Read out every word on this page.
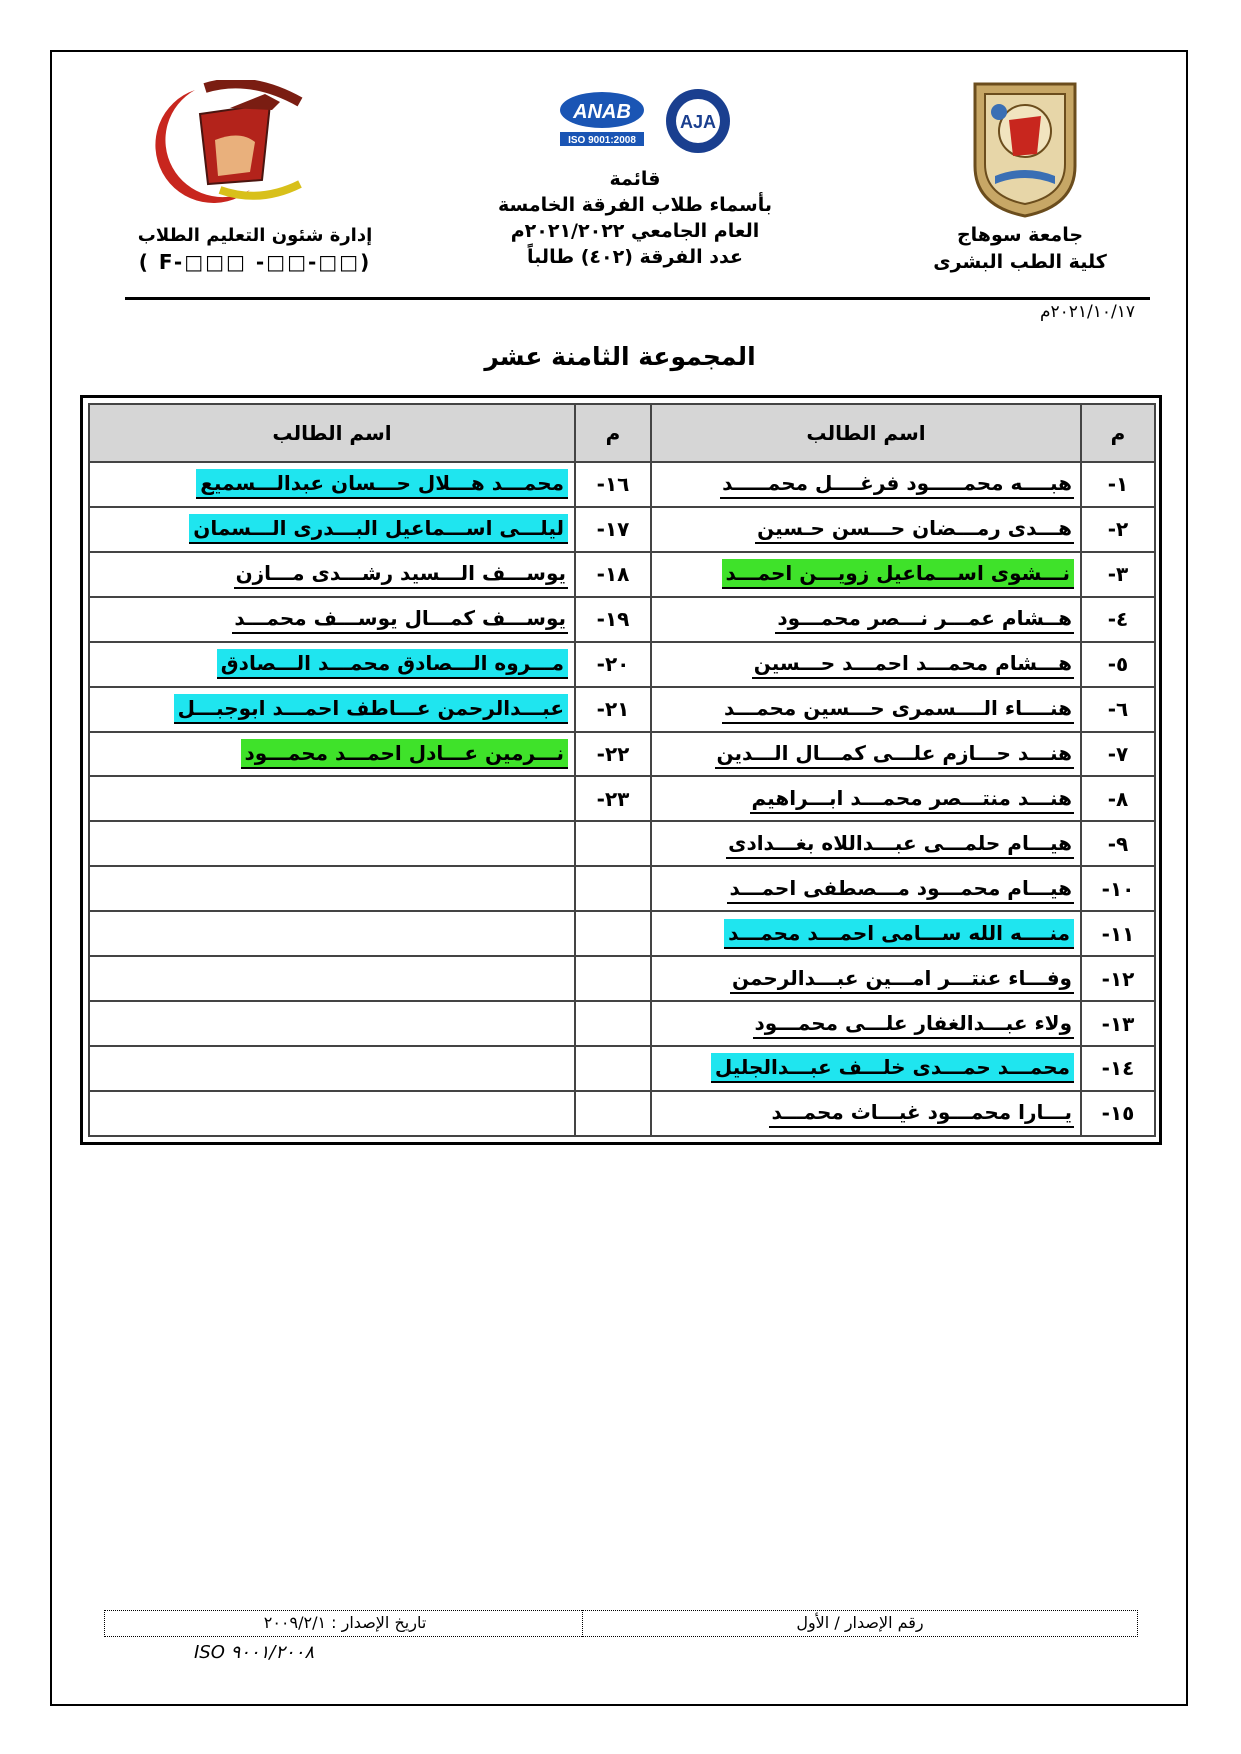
جامعة سوهاج
كلية الطب البشرى
ANAB
ISO 9001:2008
AJA
قائمة
بأسماء طلاب الفرقة الخامسة
العام الجامعي ٢٠٢١/٢٠٢٢م
عدد الفرقة (٤٠٢) طالباً
إدارة شئون التعليم الطلاب
( F-□□□ -□□-□□)
٢٠٢١/١٠/١٧م
المجموعة الثامنة عشر
م	اسم الطالب	م	اسم الطالب
١-	هبــــه محمـــــود فرغــــل محمـــــد	١٦-	محمـــد هـــلال حـــسان عبدالـــسميع
٢-	هـــدى رمـــضان حـــسن حـسين	١٧-	ليلـــى اســـماعيل البـــدرى الـــسمان
٣-	نـــشوى اســـماعيل زويـــن احمـــد	١٨-	يوســـف الـــسيد رشـــدى مـــازن
٤-	هــشام عمـــر نـــصر محمـــود	١٩-	يوســـف كمـــال يوســـف محمـــد
٥-	هـــشام محمـــد احمـــد حـــسين	٢٠-	مـــروه الـــصادق محمـــد الـــصادق
٦-	هنــــاء الــــسمرى حـــسين محمـــد	٢١-	عبـــدالرحمن عـــاطف احمـــد ابوجبـــل
٧-	هنـــد حـــازم علـــى كمـــال الـــدين	٢٢-	نـــرمين عـــادل احمـــد محمـــود
٨-	هنـــد منتـــصر محمـــد ابـــراهيم	٢٣-	
٩-	هيـــام حلمـــى عبـــداللاه بغـــدادى		
١٠-	هيـــام محمـــود مـــصطفى احمـــد		
١١-	منــــه الله ســـامى احمـــد محمـــد		
١٢-	وفـــاء عنتـــر امـــين عبـــدالرحمن		
١٣-	ولاء عبـــدالغفار علـــى محمـــود		
١٤-	محمـــد حمـــدى خلـــف عبـــدالجليل		
١٥-	يـــارا محمـــود غيـــاث محمـــد		
رقم الإصدار / الأول
تاريخ الإصدار : ٢٠٠٩/٢/١
ISO ٩٠٠١/٢٠٠٨
